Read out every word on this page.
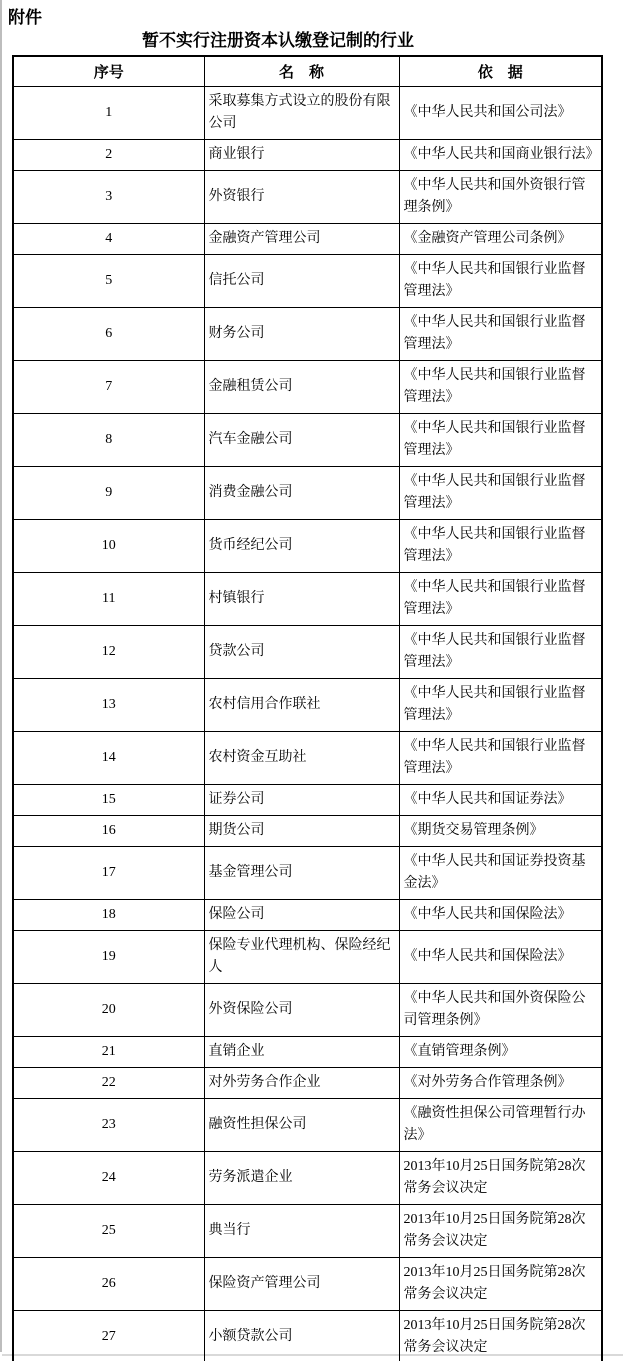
附件
暂不实行注册资本认缴登记制的行业
序号	名　称	依　据
1	采取募集方式设立的股份有限公司	《中华人民共和国公司法》
2	商业银行	《中华人民共和国商业银行法》
3	外资银行	《中华人民共和国外资银行管理条例》
4	金融资产管理公司	《金融资产管理公司条例》
5	信托公司	《中华人民共和国银行业监督管理法》
6	财务公司	《中华人民共和国银行业监督管理法》
7	金融租赁公司	《中华人民共和国银行业监督管理法》
8	汽车金融公司	《中华人民共和国银行业监督管理法》
9	消费金融公司	《中华人民共和国银行业监督管理法》
10	货币经纪公司	《中华人民共和国银行业监督管理法》
11	村镇银行	《中华人民共和国银行业监督管理法》
12	贷款公司	《中华人民共和国银行业监督管理法》
13	农村信用合作联社	《中华人民共和国银行业监督管理法》
14	农村资金互助社	《中华人民共和国银行业监督管理法》
15	证券公司	《中华人民共和国证券法》
16	期货公司	《期货交易管理条例》
17	基金管理公司	《中华人民共和国证券投资基金法》
18	保险公司	《中华人民共和国保险法》
19	保险专业代理机构、保险经纪人	《中华人民共和国保险法》
20	外资保险公司	《中华人民共和国外资保险公司管理条例》
21	直销企业	《直销管理条例》
22	对外劳务合作企业	《对外劳务合作管理条例》
23	融资性担保公司	《融资性担保公司管理暂行办法》
24	劳务派遣企业	2013年10月25日国务院第28次常务会议决定
25	典当行	2013年10月25日国务院第28次常务会议决定
26	保险资产管理公司	2013年10月25日国务院第28次常务会议决定
27	小额贷款公司	2013年10月25日国务院第28次常务会议决定
